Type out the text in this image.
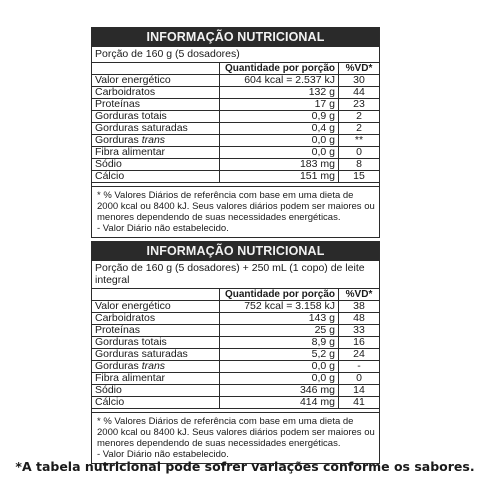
INFORMAÇÃO NUTRICIONAL
Porção de 160 g (5 dosadores)
	Quantidade por porção	%VD*
Valor energético	604 kcal = 2.537 kJ	30
Carboidratos	132 g	44
Proteínas	17 g	23
Gorduras totais	0,9 g	2
Gorduras saturadas	0,4 g	2
Gorduras trans	0,0 g	**
Fibra alimentar	0,0 g	0
Sódio	183 mg	8
Cálcio	151 mg	15
* % Valores Diários de referência com base em uma dieta de 2000 kcal ou 8400 kJ. Seus valores diários podem ser maiores ou menores dependendo de suas necessidades energéticas.
- Valor Diário não estabelecido.
INFORMAÇÃO NUTRICIONAL
Porção de 160 g (5 dosadores) + 250 mL (1 copo) de leite integral
	Quantidade por porção	%VD*
Valor energético	752 kcal = 3.158 kJ	38
Carboidratos	143 g	48
Proteínas	25 g	33
Gorduras totais	8,9 g	16
Gorduras saturadas	5,2 g	24
Gorduras trans	0,0 g	-
Fibra alimentar	0,0 g	0
Sódio	346 mg	14
Cálcio	414 mg	41
* % Valores Diários de referência com base em uma dieta de 2000 kcal ou 8400 kJ. Seus valores diários podem ser maiores ou menores dependendo de suas necessidades energéticas.
- Valor Diário não estabelecido.
*A tabela nutricional pode sofrer variações conforme os sabores.
